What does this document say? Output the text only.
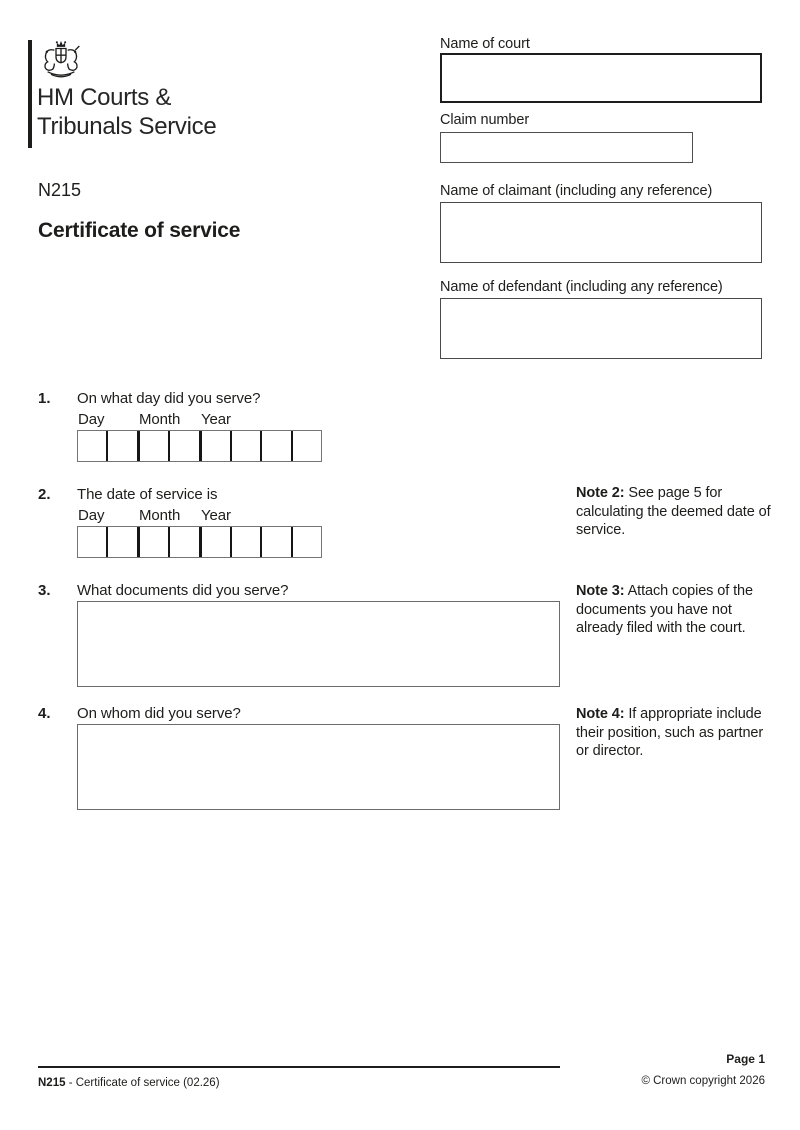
HM Courts &
Tribunals Service
N215
Certificate of service
Name of court
Claim number
Name of claimant (including any reference)
Name of defendant (including any reference)
1. On what day did you serve?
Day Month Year
2. The date of service is
Day Month Year
3. What documents did you serve?
4. On whom did you serve?
Note 2: See page 5 for calculating the deemed date of service.
Note 3: Attach copies of the documents you have not already filed with the court.
Note 4: If appropriate include their position, such as partner or director.
N215 - Certificate of service (02.26)
Page 1
© Crown copyright 2026
